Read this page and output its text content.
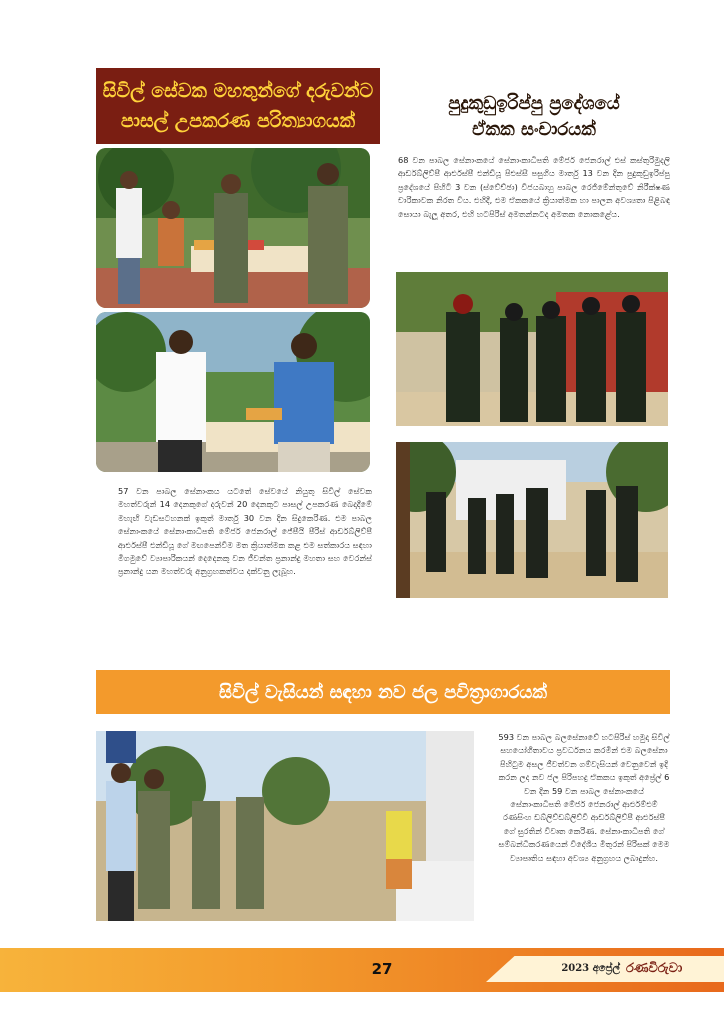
සිවිල් සේවක මහතුන්ගේ දරුවන්ට
පාසල් උපකරණ පරිත්‍යාගයක්
පුදුකුඩුඉරිප්පු ප්‍රදේශයේ
ඒකක සංචාරයක්
68 වන පාබල සේනාංකයේ සේනාංකාධිපති මේජර් ජෙනරාල් එස් කස්තුරිමුදලි ආර්ඩබ්ලිව්පී ආර්එස්පී එන්ඩීයූ පිඑස්සී පසුගිය මාර්තු 13 වන දින පුදුකුඩුඉරිප්පු ප්‍රදේශයේ පිහිටි 3 වන (ස්වේච්ඡා) විජයබාහු පාබල රෙජිමේන්තුවේ නිරීක්ෂණ චාරිකාවක නිරත විය. එහිදී, එම ඒකකයේ ක්‍රියාත්මක හා පාලන අවශ්‍යතා පිළිබඳ සොයා බැලූ අතර, එහි හටපිරිස් අමතන්නටද අමතක නොකළේය.
57 වන පාබල සේනාංකය යටතේ සේවයේ නියුතු සිවිල් සේවක මහත්වරුන් 14 දෙනකුගේ දරුවන් 20 දෙනකුට පාසල් උපකරණ බෙදාදීමේ මහැඟි වැඩසටහනක් ඉකුත් මාර්තු 30 වන දින සිදුකෙරිණ. එම පාබල සේනාංකයේ සේනාංකාධිපති මේජර් ජෙනරාල් ජේපීයි පීරිස් ආර්ඩබ්ලිව්පී ආර්එස්පී එන්ඩීයූ ගේ මඟපෙන්වීම මත ක්‍රියාත්මක කළ එම සත්කාරය සඳහා මීගමුවේ ව්‍යාපාරිකයන් දෙදෙනකු වන ජීවන්ත ප්‍රනාන්දු මහතා සහ වෙරන්ස් ප්‍රනාන්දු යන මහත්වරු අනුග්‍රහකත්වය දක්වනු ලැබූහ.
සිවිල් වැසියන් සඳහා නව ජල පවිත්‍රාගාරයක්
593 වන පාබල බලසේනාවේ හටපිරිස් හමුදා සිවිල් සහයෝගීතාවය ප්‍රවර්ධනය කරමින් එම බලසේනා පිහිටුම අසල ජීවත්වන ගම්වැසියන් වෙනුවෙන් ඉදි කරන ලද නව ජල පිරිපහදු ඒකකය ඉකුත් අප්‍රේල් 6 වන දින 59 වන පාබල සේනාංකයේ සේනාංකාධිපති මේජර් ජෙනරාල් ආර්එම්එම් රණසිංහ ඩබ්ලිව්ඩබ්ලිව්වී ආර්ඩබ්ලිව්පී ආර්එස්පී ගේ සුරතින් විවෘත කෙරිණ. සේනාංකාධිපති ගේ සම්බන්ධීකරණයෙන් විදේශීය මිතුරන් පිරිසක් මෙම ව්‍යාපෘතිය සඳහා අවශ්‍ය අනුග්‍රහය ලබාදුන්හ.
27	2023 අප්‍රේල් රණවිරුවා
